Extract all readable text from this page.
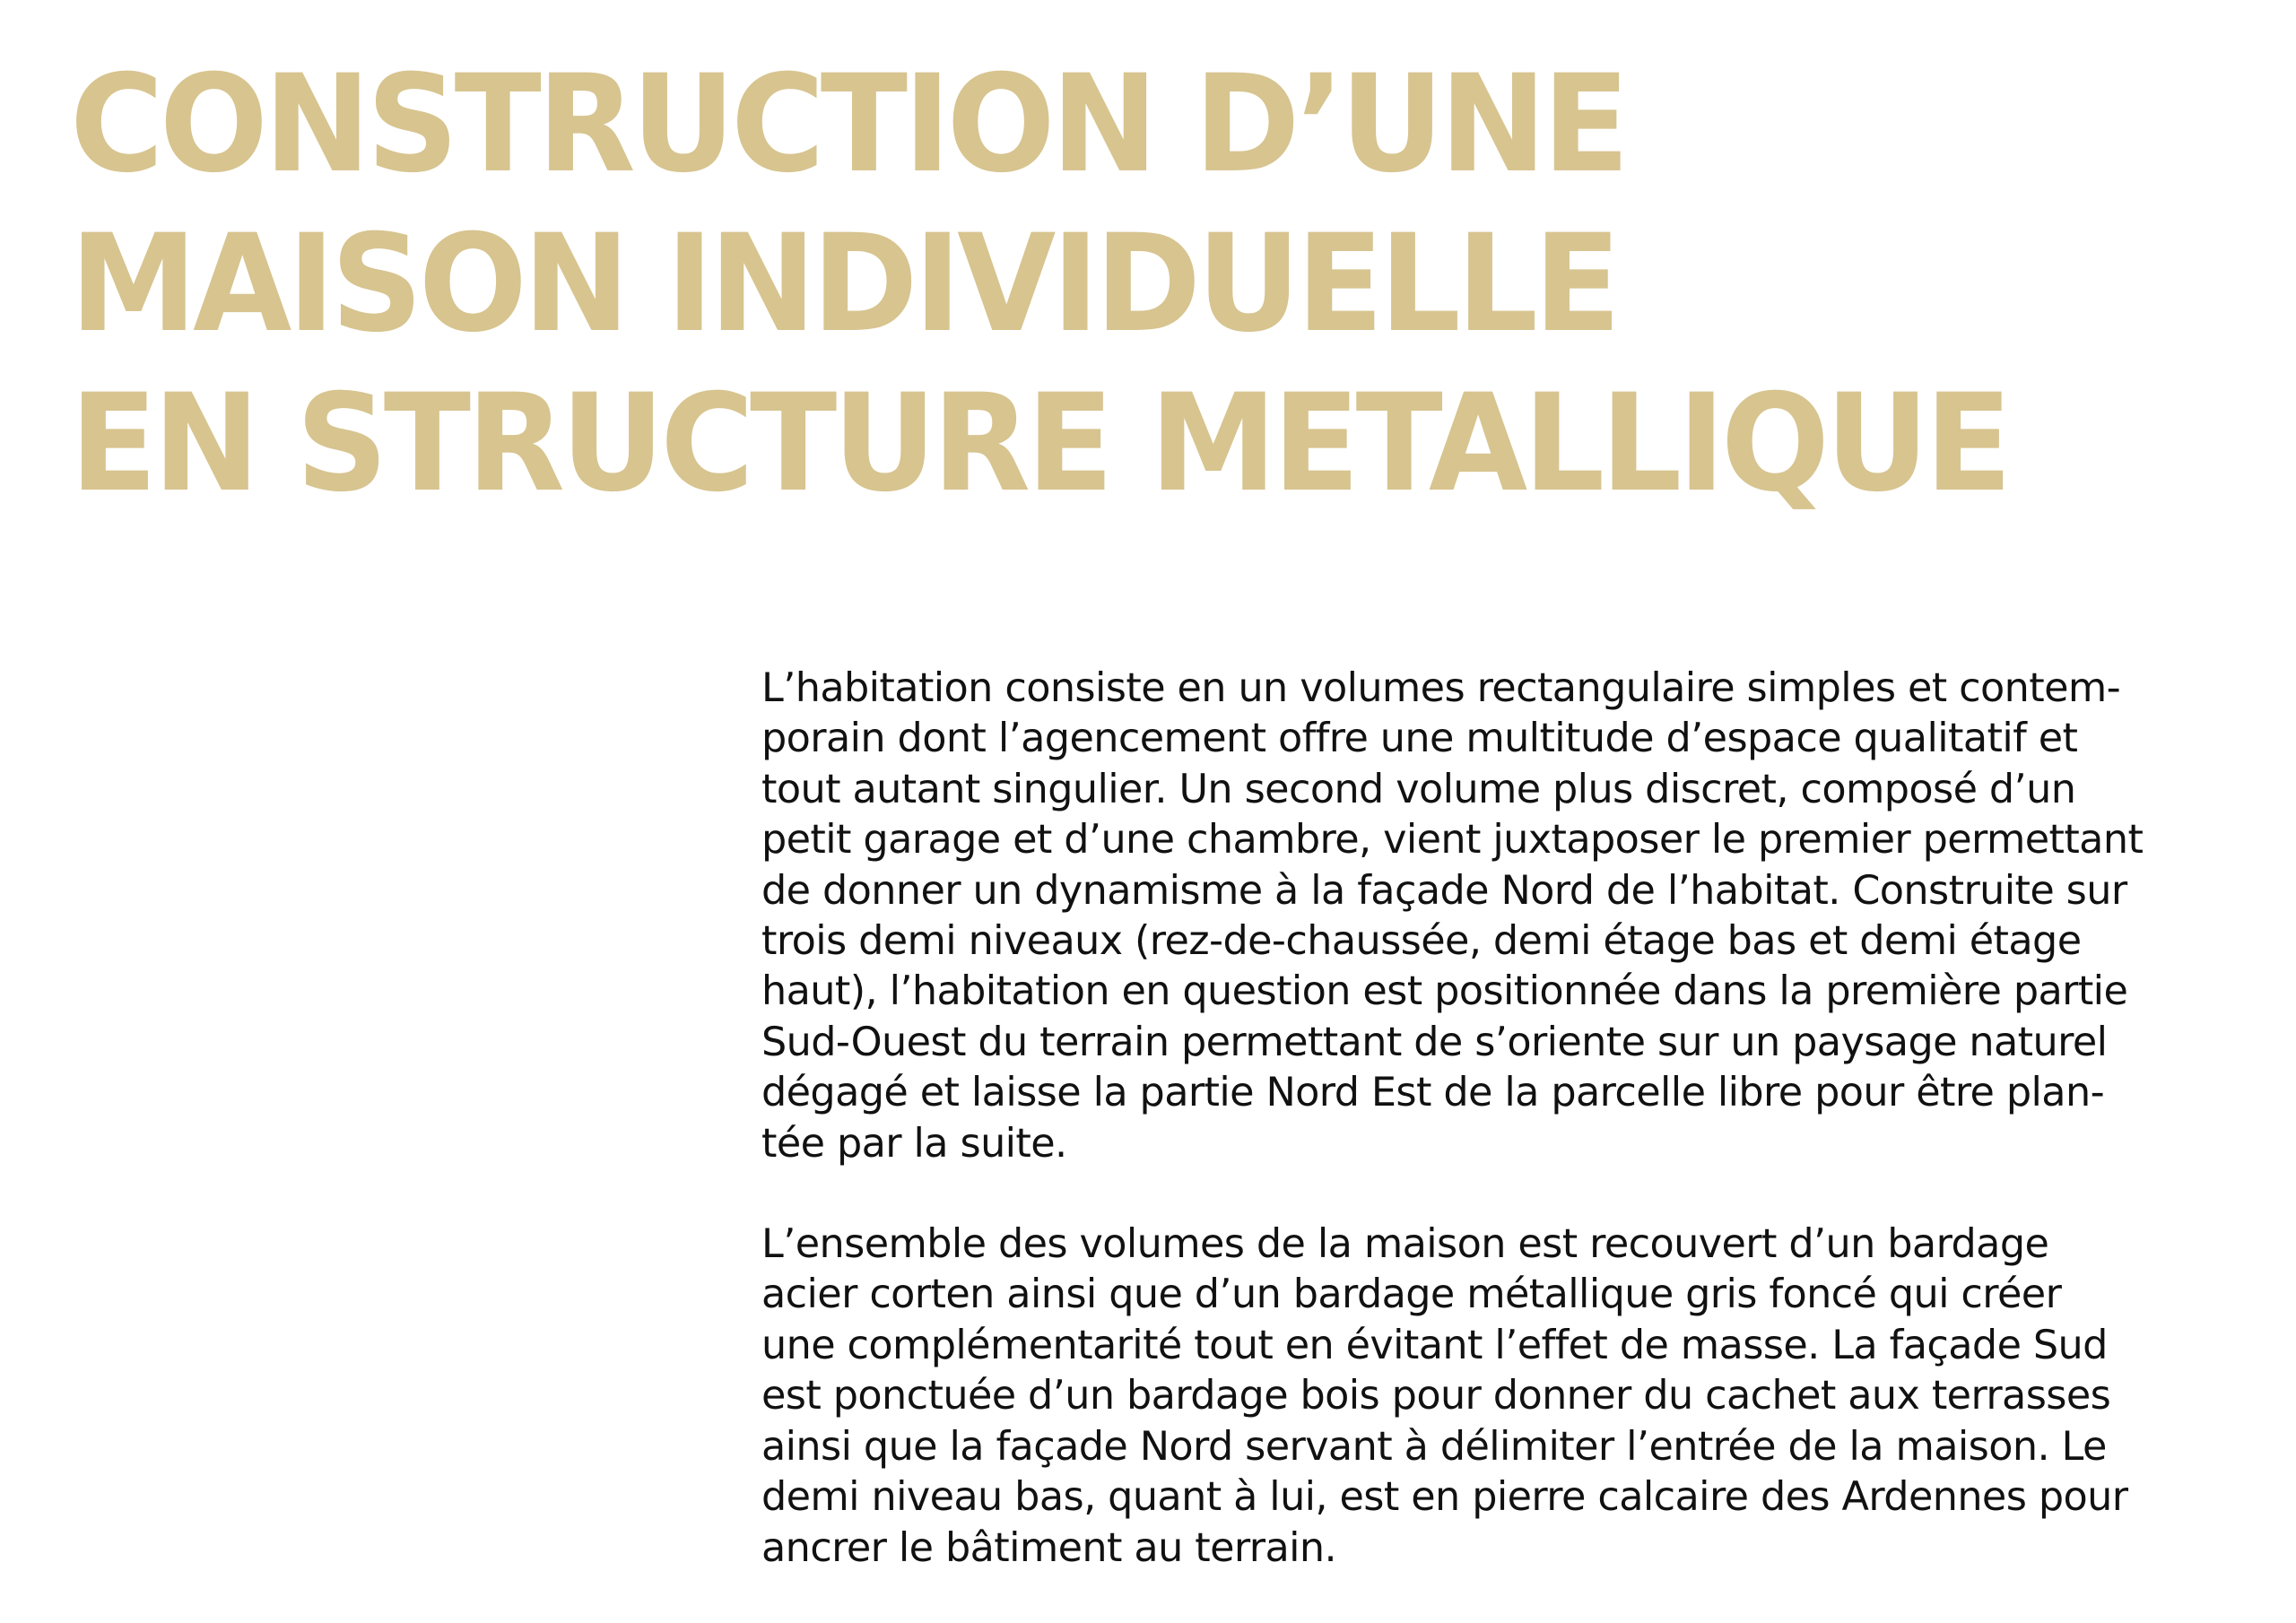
CONSTRUCTION D’UNE
MAISON INDIVIDUELLE
EN STRUCTURE METALLIQUE

L’habitation consiste en un volumes rectangulaire simples et contem-
porain dont l’agencement offre une multitude d’espace qualitatif et
tout autant singulier. Un second volume plus discret, composé d’un
petit garage et d’une chambre, vient juxtaposer le premier permettant
de donner un dynamisme à la façade Nord de l’habitat. Construite sur
trois demi niveaux (rez-de-chaussée, demi étage bas et demi étage
haut), l’habitation en question est positionnée dans la première partie
Sud-Ouest du terrain permettant de s’oriente sur un paysage naturel
dégagé et laisse la partie Nord Est de la parcelle libre pour être plan-
tée par la suite.

L’ensemble des volumes de la maison est recouvert d’un bardage
acier corten ainsi que d’un bardage métallique gris foncé qui créer
une complémentarité tout en évitant l’effet de masse. La façade Sud
est ponctuée d’un bardage bois pour donner du cachet aux terrasses
ainsi que la façade Nord servant à délimiter l’entrée de la maison. Le
demi niveau bas, quant à lui, est en pierre calcaire des Ardennes pour
ancrer le bâtiment au terrain.
